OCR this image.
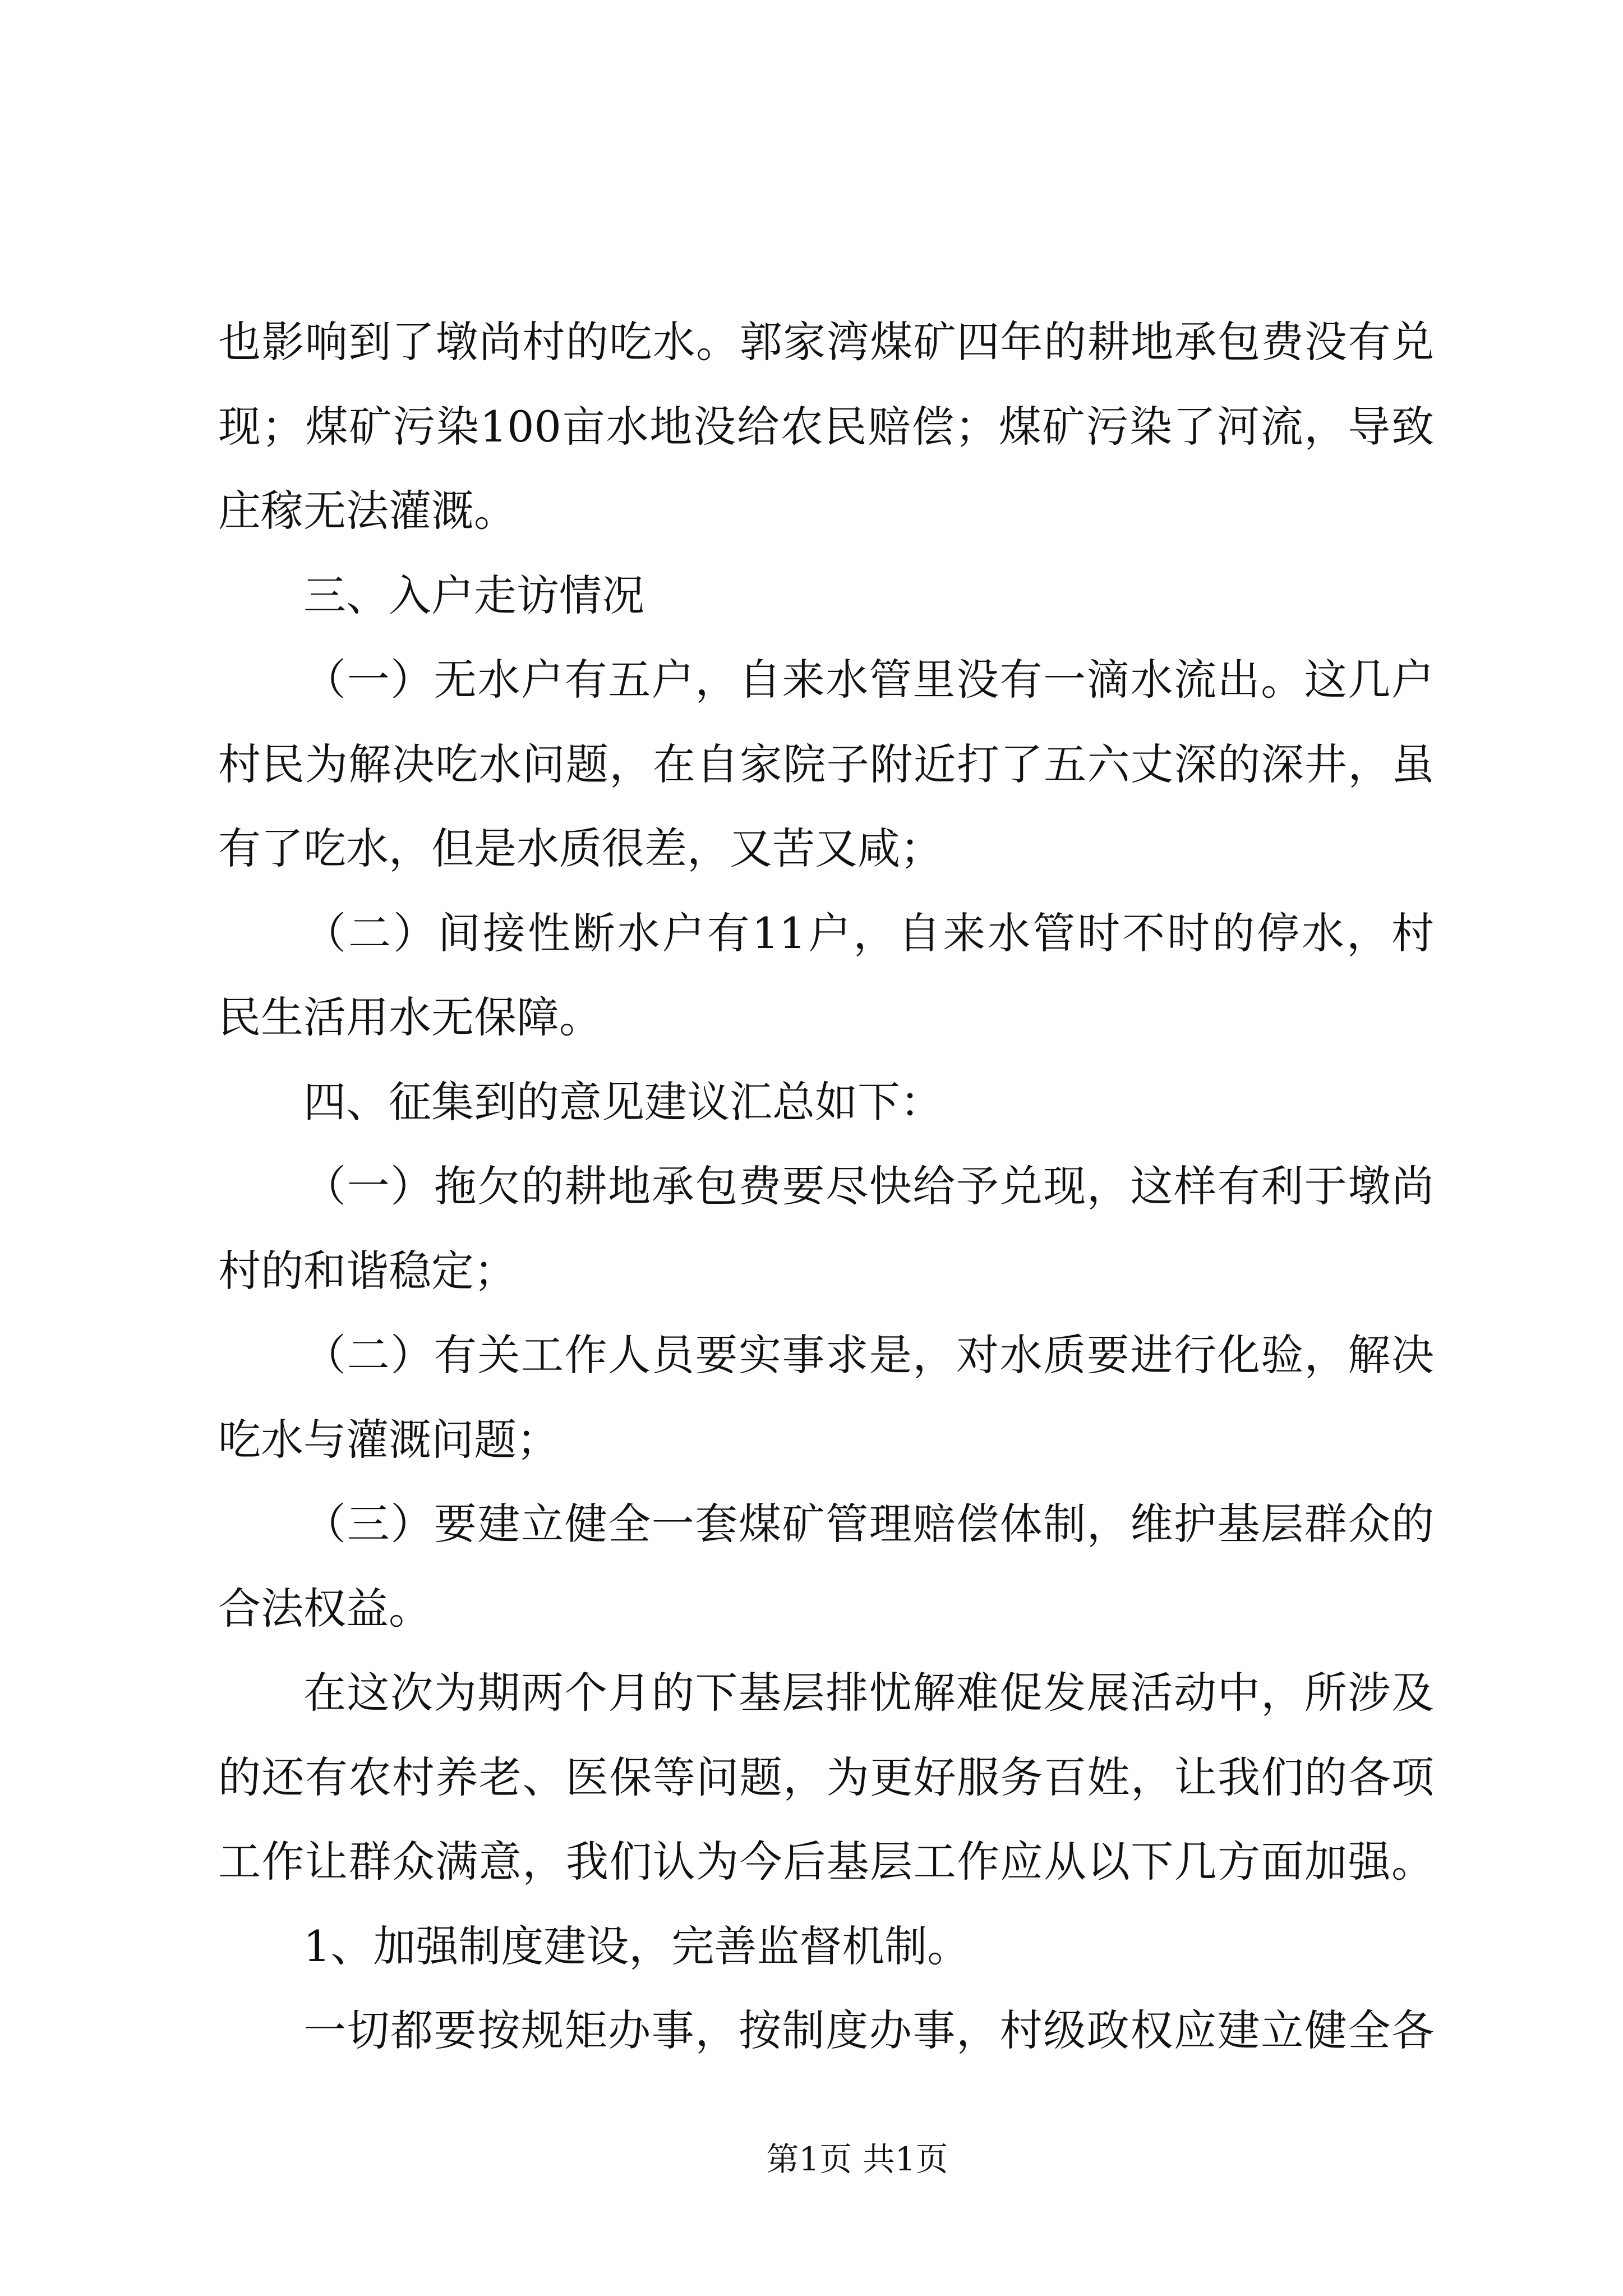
也影响到了墩尚村的吃水。郭家湾煤矿四年的耕地承包费没有兑
现；煤矿污染100亩水地没给农民赔偿；煤矿污染了河流，导致
庄稼无法灌溉。
三、入户走访情况
（一）无水户有五户，自来水管里没有一滴水流出。这几户
村民为解决吃水问题，在自家院子附近打了五六丈深的深井，虽
有了吃水，但是水质很差，又苦又咸；
（二）间接性断水户有11户，自来水管时不时的停水，村
民生活用水无保障。
四、征集到的意见建议汇总如下：
（一）拖欠的耕地承包费要尽快给予兑现，这样有利于墩尚
村的和谐稳定；
（二）有关工作人员要实事求是，对水质要进行化验，解决
吃水与灌溉问题；
（三）要建立健全一套煤矿管理赔偿体制，维护基层群众的
合法权益。
在这次为期两个月的下基层排忧解难促发展活动中，所涉及
的还有农村养老、医保等问题，为更好服务百姓，让我们的各项
工作让群众满意，我们认为今后基层工作应从以下几方面加强。
1、加强制度建设，完善监督机制。
一切都要按规矩办事，按制度办事，村级政权应建立健全各
第1页 共1页
